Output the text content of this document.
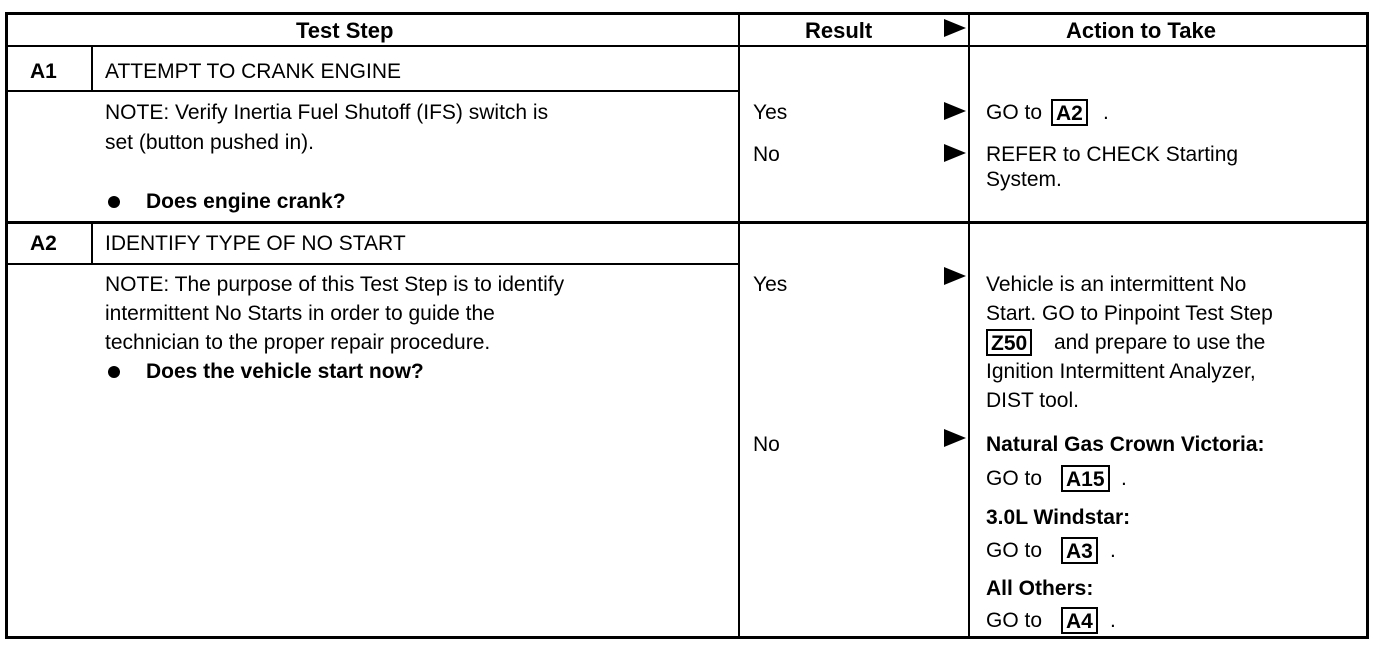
Test Step	Result	Action to Take
A1 ATTEMPT TO CRANK ENGINE
NOTE: Verify Inertia Fuel Shutoff (IFS) switch is
set (button pushed in).
Does engine crank?
Yes
No
GO to A2 .
REFER to CHECK Starting
System.
A2 IDENTIFY TYPE OF NO START
NOTE: The purpose of this Test Step is to identify
intermittent No Starts in order to guide the
technician to the proper repair procedure.
Does the vehicle start now?
Yes
No
Vehicle is an intermittent No
Start. GO to Pinpoint Test Step
Z50 and prepare to use the
Ignition Intermittent Analyzer,
DIST tool.
Natural Gas Crown Victoria:
GO to A15 .
3.0L Windstar:
GO to A3 .
All Others:
GO to A4 .
